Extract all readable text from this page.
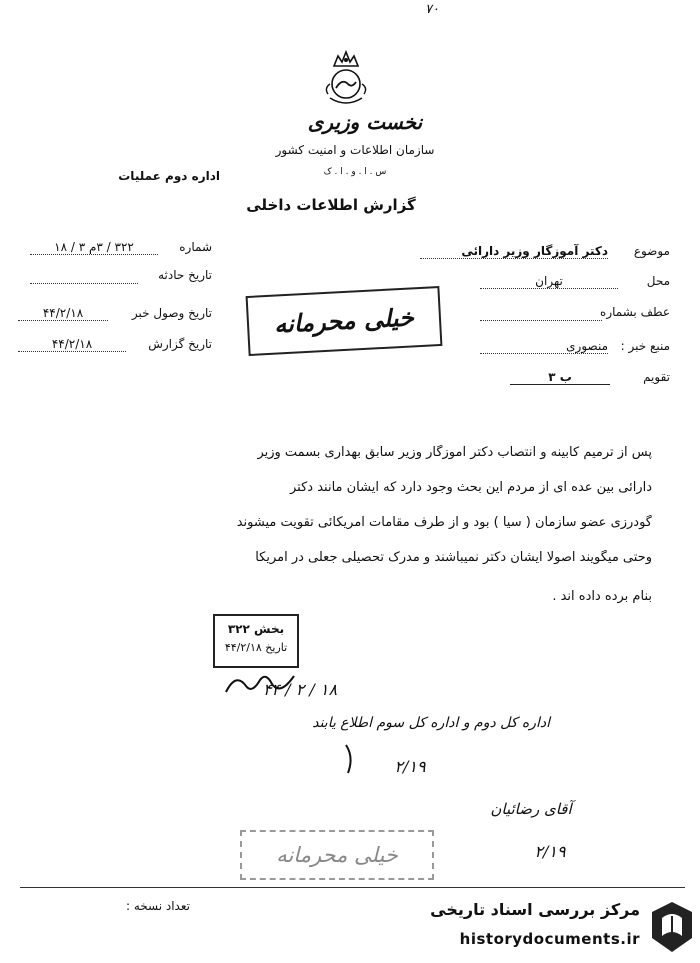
۷۰
نخست وزیری
سازمان اطلاعات و امنیت کشور
س . ا . و . ا . ک
اداره دوم عملیات
گزارش اطلاعات داخلی
شماره
۳۲۲ / ۳م ۳ / ۱۸
تاریخ حادثه
تاریخ وصول خبر
۴۴/۲/۱۸
تاریخ گزارش
۴۴/۲/۱۸
موضوع
دکتر آموزگار وزیر دارائی
محل
تهران
عطف بشماره
منبع خبر :
منصوری
تقویم
ب ۳
خیلی محرمانه
پس از ترمیم کابینه و انتصاب دکتر آموزگار وزیر سابق بهداری بسمت وزیر
دارائی بین عده ای از مردم این بحث وجود دارد که ایشان مانند دکتر
گودرزی عضو سازمان ( سیا ) بود و از طرف مقامات آمریکائی تقویت میشوند
وحتی میگویند اصولا ایشان دکتر نمیباشند و مدرک تحصیلی جعلی در امریکا
بنام برده داده اند .
بخش ۳۲۲
تاریخ ۴۴/۲/۱۸
۱۸ / ۲ / ۴۴
اداره کل دوم و اداره کل سوم اطلاع یابند
۲/۱۹
آقای رضائیان
۲/۱۹
خیلی محرمانه
تعداد نسخه :	مرکز بررسی اسناد تاریخی
historydocuments.ir
